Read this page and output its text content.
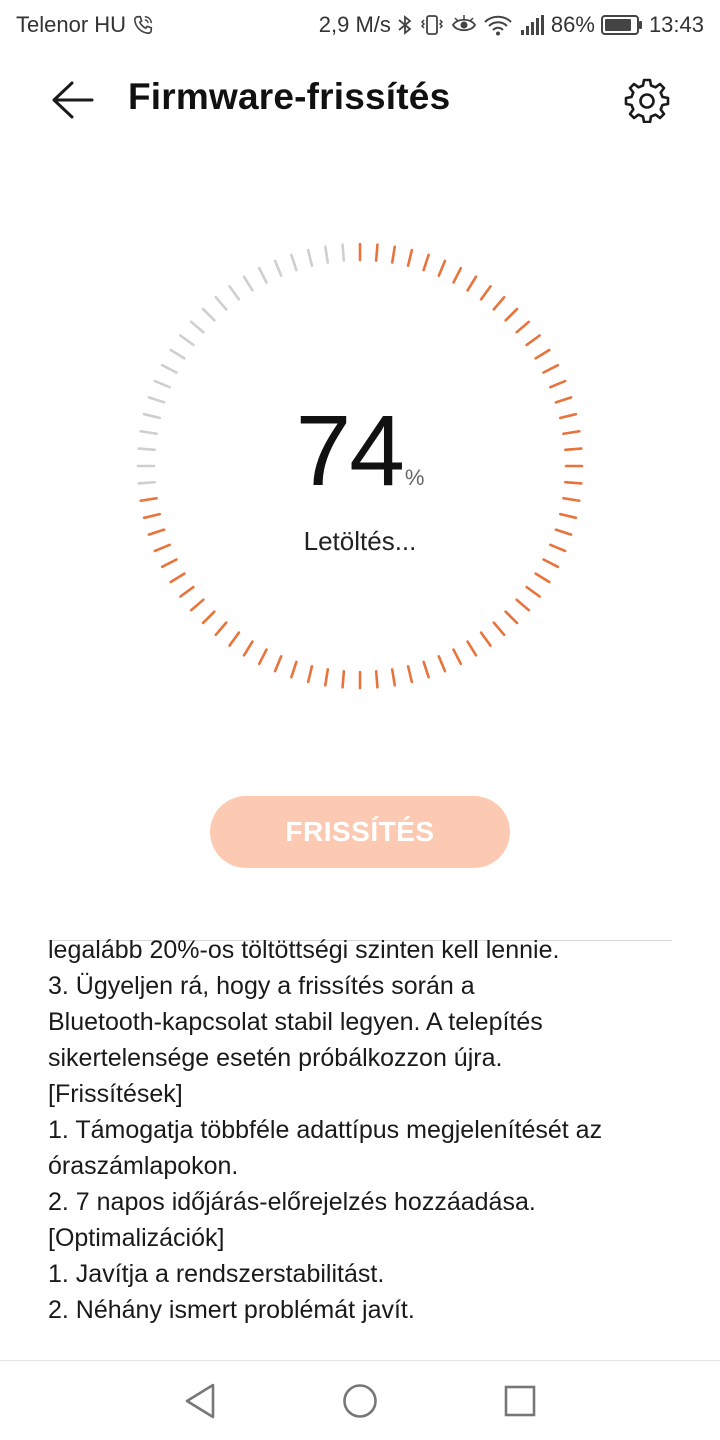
Telenor HU	2,9 M/s	86% 13:43
Firmware-frissítés
74%
Letöltés...
FRISSÍTÉS
legalább 20%-os töltöttségi szinten kell lennie.
3. Ügyeljen rá, hogy a frissítés során a
Bluetooth-kapcsolat stabil legyen. A telepítés
sikertelensége esetén próbálkozzon újra.
[Frissítések]
1. Támogatja többféle adattípus megjelenítését az
óraszámlapokon.
2. 7 napos időjárás-előrejelzés hozzáadása.
[Optimalizációk]
1. Javítja a rendszerstabilitást.
2. Néhány ismert problémát javít.
